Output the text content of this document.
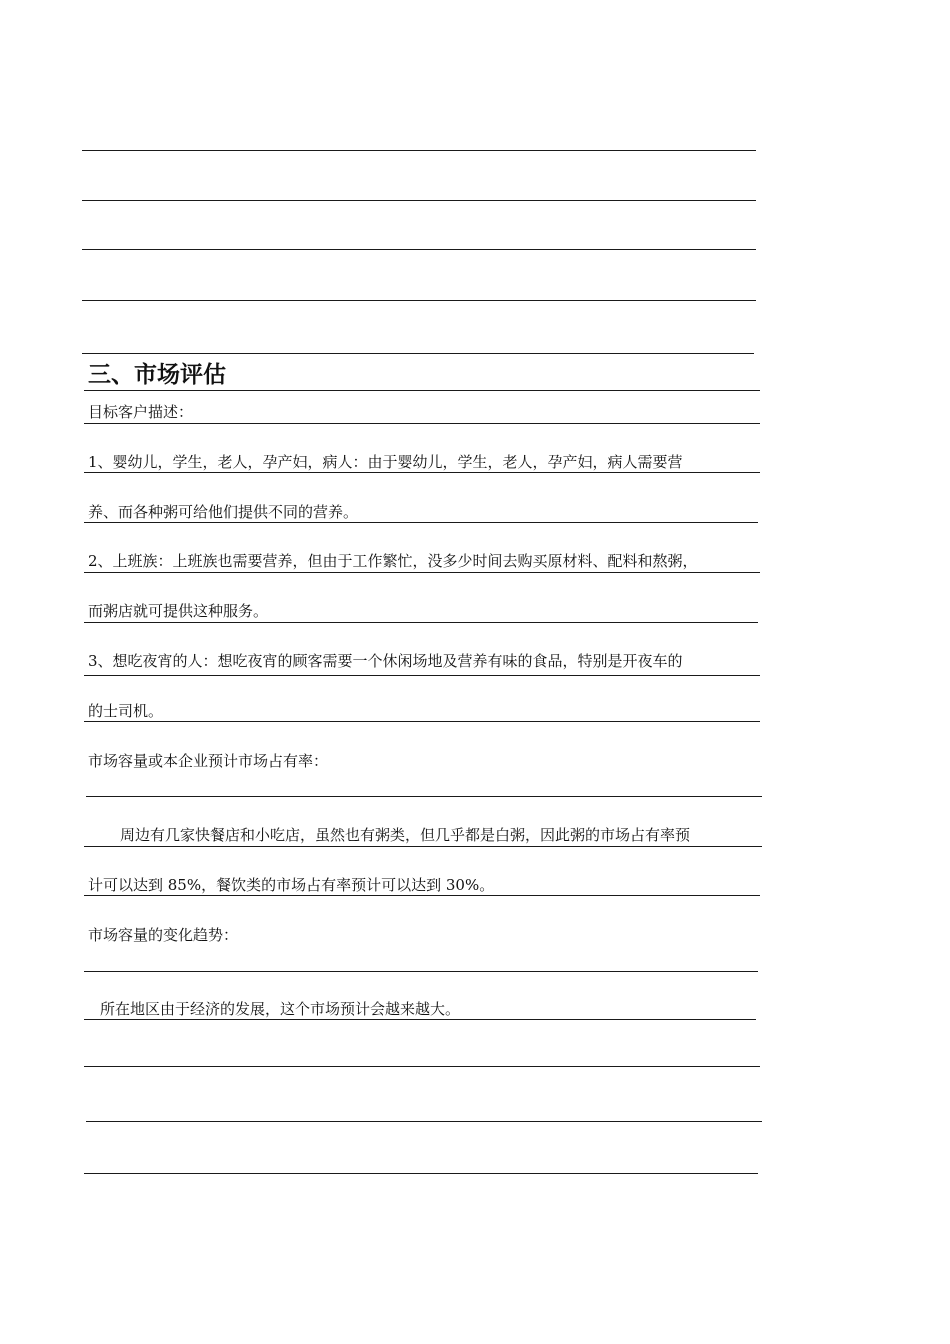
三、市场评估
目标客户描述：
1、婴幼儿，学生，老人，孕产妇，病人：由于婴幼儿，学生，老人，孕产妇，病人需要营
养、而各种粥可给他们提供不同的营养。
2、上班族：上班族也需要营养，但由于工作繁忙，没多少时间去购买原材料、配料和熬粥，
而粥店就可提供这种服务。
3、想吃夜宵的人：想吃夜宵的顾客需要一个休闲场地及营养有味的食品，特别是开夜车的
的士司机。
市场容量或本企业预计市场占有率：
周边有几家快餐店和小吃店，虽然也有粥类，但几乎都是白粥，因此粥的市场占有率预
计可以达到 85%，餐饮类的市场占有率预计可以达到 30%。
市场容量的变化趋势：
所在地区由于经济的发展，这个市场预计会越来越大。
